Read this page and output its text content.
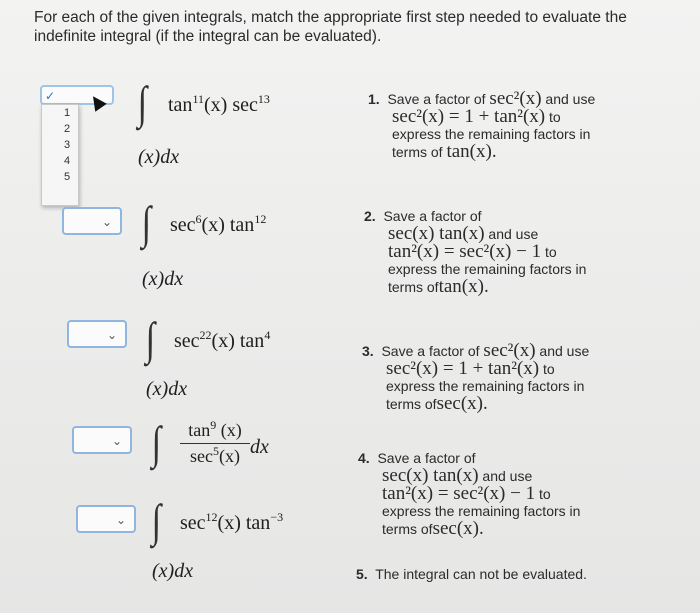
For each of the given integrals, match the appropriate first step needed to evaluate the indefinite integral (if the integral can be evaluated).
✓
1
2
3
4
5
⌄
⌄
⌄
⌄
∫ $\tan^{11}(x)$ $\sec^{13}$
(x)dx
∫ $\sec^6(x)$ $\tan^{12}$
(x)dx
∫ $\sec^{22}(x)$ $\tan^4$
(x)dx
∫	$\tan^9 (x)$
$\sec^5(x)$ dx
∫ $\sec^{12}(x)$ $\tan^{-3}$
(x)dx
1. Save a factor of sec²(x) and use
sec²(x) = 1 + tan²(x) to
express the remaining factors in
terms of tan(x).
2. Save a factor of
sec(x) tan(x) and use
tan²(x) = sec²(x) − 1 to
express the remaining factors in
terms oftan(x).
3. Save a factor of sec²(x) and use
sec²(x) = 1 + tan²(x) to
express the remaining factors in
terms ofsec(x).
4. Save a factor of
sec(x) tan(x) and use
tan²(x) = sec²(x) − 1 to
express the remaining factors in
terms ofsec(x).
5. The integral can not be evaluated.
